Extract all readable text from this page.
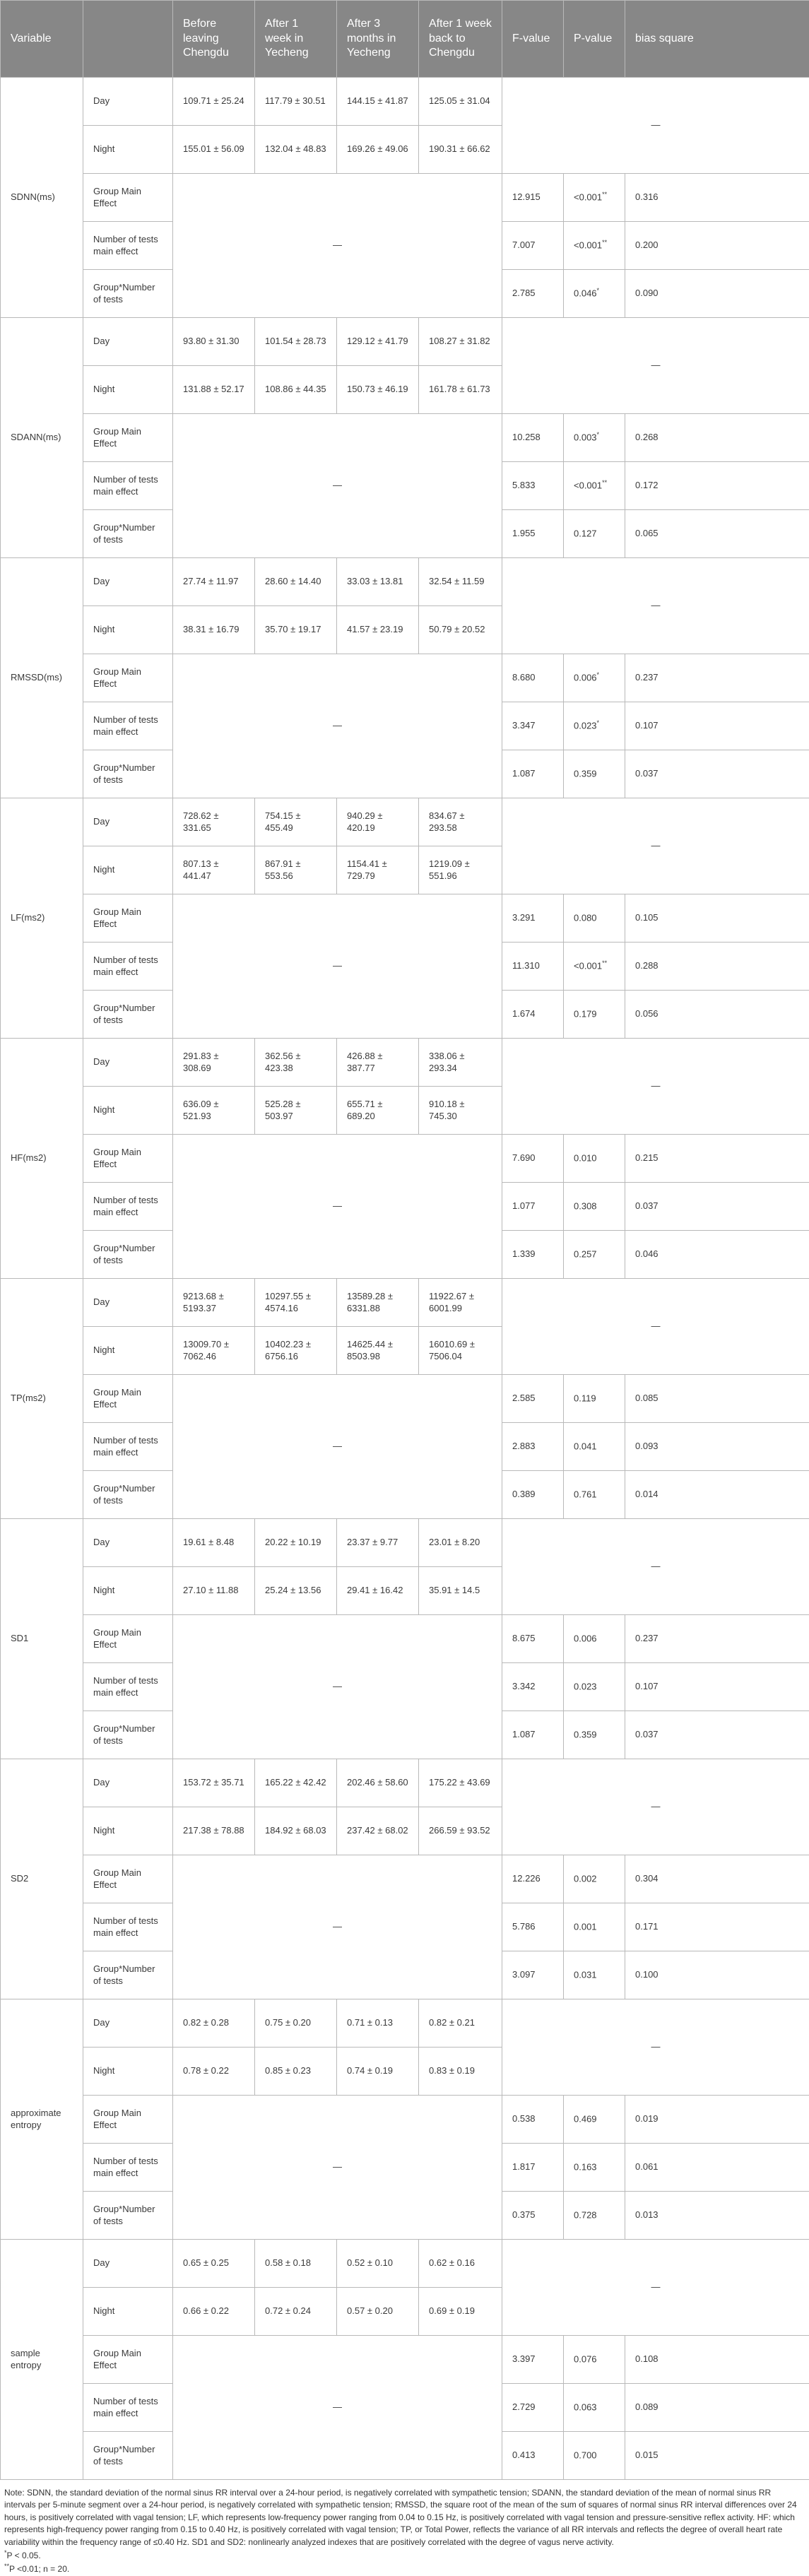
Variable		Before leaving Chengdu	After 1 week in Yecheng	After 3 months in Yecheng	After 1 week back to Chengdu	F-value	P-value	bias square
SDNN(ms)	Day	109.71 ± 25.24	117.79 ± 30.51	144.15 ± 41.87	125.05 ± 31.04	—		
	Night	155.01 ± 56.09	132.04 ± 48.83	169.26 ± 49.06	190.31 ± 66.62			
	Group Main Effect	—				12.915	<0.001**	0.316
	Number of tests main effect					7.007	<0.001**	0.200
	Group*Number of tests					2.785	0.046*	0.090
SDANN(ms)	Day	93.80 ± 31.30	101.54 ± 28.73	129.12 ± 41.79	108.27 ± 31.82	—		
	Night	131.88 ± 52.17	108.86 ± 44.35	150.73 ± 46.19	161.78 ± 61.73			
	Group Main Effect	—				10.258	0.003*	0.268
	Number of tests main effect					5.833	<0.001**	0.172
	Group*Number of tests					1.955	0.127	0.065
RMSSD(ms)	Day	27.74 ± 11.97	28.60 ± 14.40	33.03 ± 13.81	32.54 ± 11.59	—		
	Night	38.31 ± 16.79	35.70 ± 19.17	41.57 ± 23.19	50.79 ± 20.52			
	Group Main Effect	—				8.680	0.006*	0.237
	Number of tests main effect					3.347	0.023*	0.107
	Group*Number of tests					1.087	0.359	0.037
LF(ms2)	Day	728.62 ± 331.65	754.15 ± 455.49	940.29 ± 420.19	834.67 ± 293.58	—		
	Night	807.13 ± 441.47	867.91 ± 553.56	1154.41 ± 729.79	1219.09 ± 551.96			
	Group Main Effect	—				3.291	0.080	0.105
	Number of tests main effect					11.310	<0.001**	0.288
	Group*Number of tests					1.674	0.179	0.056
HF(ms2)	Day	291.83 ± 308.69	362.56 ± 423.38	426.88 ± 387.77	338.06 ± 293.34	—		
	Night	636.09 ± 521.93	525.28 ± 503.97	655.71 ± 689.20	910.18 ± 745.30			
	Group Main Effect	—				7.690	0.010	0.215
	Number of tests main effect					1.077	0.308	0.037
	Group*Number of tests					1.339	0.257	0.046
TP(ms2)	Day	9213.68 ± 5193.37	10297.55 ± 4574.16	13589.28 ± 6331.88	11922.67 ± 6001.99	—		
	Night	13009.70 ± 7062.46	10402.23 ± 6756.16	14625.44 ± 8503.98	16010.69 ± 7506.04			
	Group Main Effect	—				2.585	0.119	0.085
	Number of tests main effect					2.883	0.041	0.093
	Group*Number of tests					0.389	0.761	0.014
SD1	Day	19.61 ± 8.48	20.22 ± 10.19	23.37 ± 9.77	23.01 ± 8.20	—		
	Night	27.10 ± 11.88	25.24 ± 13.56	29.41 ± 16.42	35.91 ± 14.5			
	Group Main Effect	—				8.675	0.006	0.237
	Number of tests main effect					3.342	0.023	0.107
	Group*Number of tests					1.087	0.359	0.037
SD2	Day	153.72 ± 35.71	165.22 ± 42.42	202.46 ± 58.60	175.22 ± 43.69	—		
	Night	217.38 ± 78.88	184.92 ± 68.03	237.42 ± 68.02	266.59 ± 93.52			
	Group Main Effect	—				12.226	0.002	0.304
	Number of tests main effect					5.786	0.001	0.171
	Group*Number of tests					3.097	0.031	0.100
approximate entropy	Day	0.82 ± 0.28	0.75 ± 0.20	0.71 ± 0.13	0.82 ± 0.21	—		
	Night	0.78 ± 0.22	0.85 ± 0.23	0.74 ± 0.19	0.83 ± 0.19			
	Group Main Effect	—				0.538	0.469	0.019
	Number of tests main effect					1.817	0.163	0.061
	Group*Number of tests					0.375	0.728	0.013
sample entropy	Day	0.65 ± 0.25	0.58 ± 0.18	0.52 ± 0.10	0.62 ± 0.16	—		
	Night	0.66 ± 0.22	0.72 ± 0.24	0.57 ± 0.20	0.69 ± 0.19			
	Group Main Effect	—				3.397	0.076	0.108
	Number of tests main effect					2.729	0.063	0.089
	Group*Number of tests					0.413	0.700	0.015

Note: SDNN, the standard deviation of the normal sinus RR interval over a 24-hour period, is negatively correlated with sympathetic tension; SDANN, the standard deviation of the mean of normal sinus RR intervals per 5-minute segment over a 24-hour period, is negatively correlated with sympathetic tension; RMSSD, the square root of the mean of the sum of squares of normal sinus RR interval differences over 24 hours, is positively correlated with vagal tension; LF, which represents low-frequency power ranging from 0.04 to 0.15 Hz, is positively correlated with vagal tension and pressure-sensitive reflex activity. HF: which represents high-frequency power ranging from 0.15 to 0.40 Hz, is positively correlated with vagal tension; TP, or Total Power, reflects the variance of all RR intervals and reflects the degree of overall heart rate variability within the frequency range of ≤0.40 Hz. SD1 and SD2: nonlinearly analyzed indexes that are positively correlated with the degree of vagus nerve activity.

*P < 0.05.

**P <0.01; n = 20.
